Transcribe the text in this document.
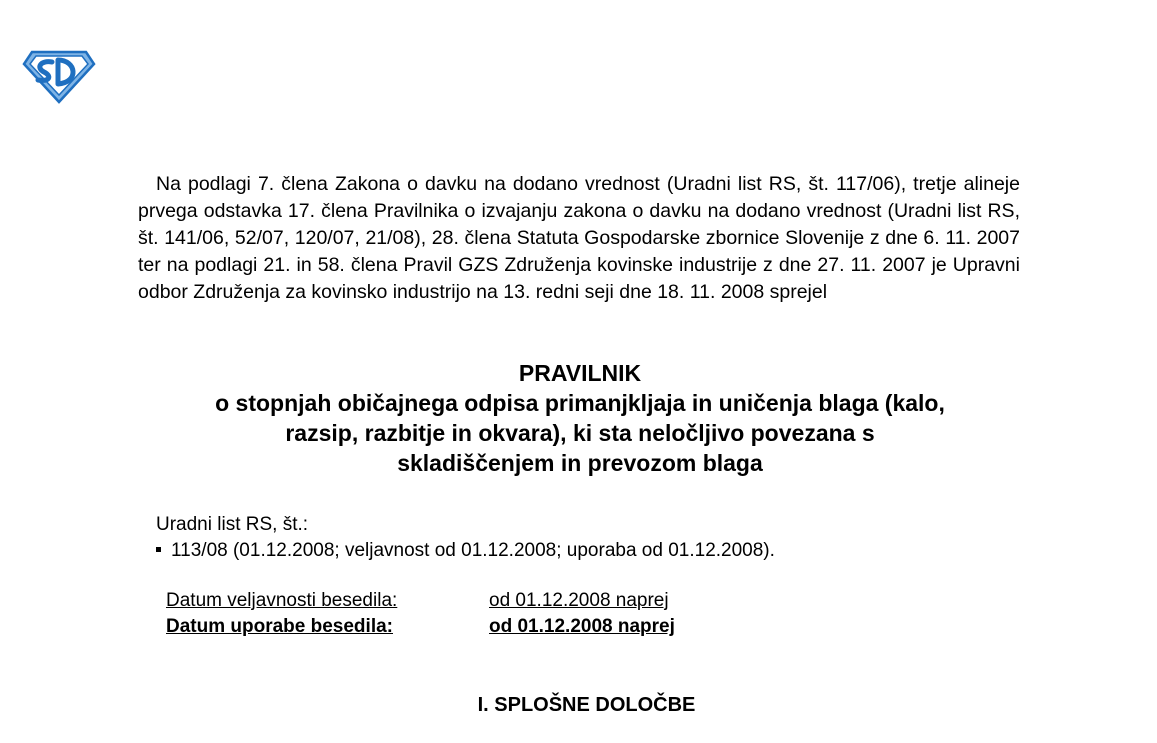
Na podlagi 7. člena Zakona o davku na dodano vrednost (Uradni list RS, št. 117/06), tretje alineje prvega odstavka 17. člena Pravilnika o izvajanju zakona o davku na dodano vrednost (Uradni list RS, št. 141/06, 52/07, 120/07, 21/08), 28. člena Statuta Gospodarske zbornice Slovenije z dne 6. 11. 2007 ter na podlagi 21. in 58. člena Pravil GZS Združenja kovinske industrije z dne 27. 11. 2007 je Upravni odbor Združenja za kovinsko industrijo na 13. redni seji dne 18. 11. 2008 sprejel

PRAVILNIK

o stopnjah običajnega odpisa primanjkljaja in uničenja blaga (kalo,

razsip, razbitje in okvara), ki sta neločljivo povezana s

skladiščenjem in prevozom blaga

Uradni list RS, št.:
113/08 (01.12.2008; veljavnost od 01.12.2008; uporaba od 01.12.2008).
Datum veljavnosti besedila:	od 01.12.2008 naprej
Datum uporabe besedila:	od 01.12.2008 naprej

I. SPLOŠNE DOLOČBE
